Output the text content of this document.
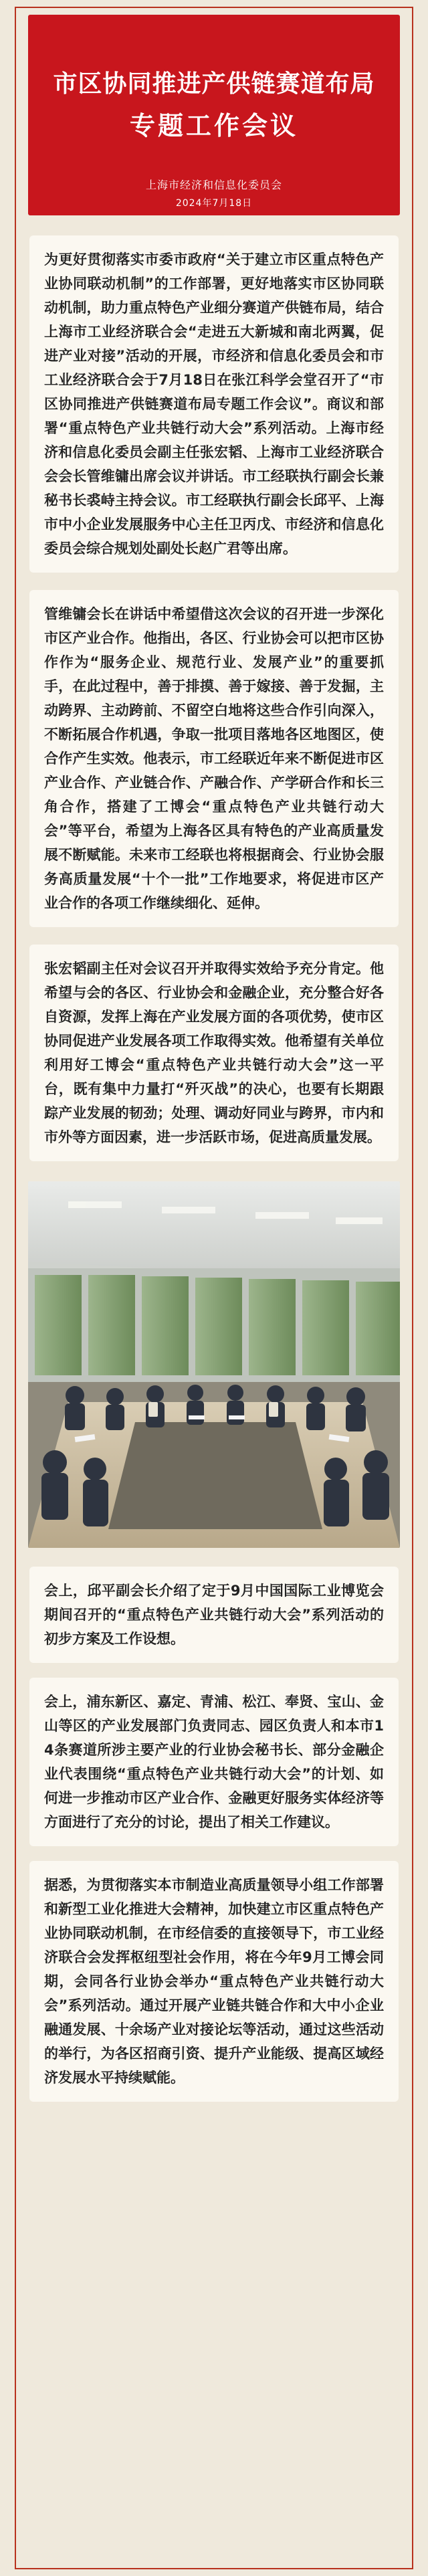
市区协同推进产供链赛道布局
专题工作会议
上海市经济和信息化委员会
2024年7月18日
为更好贯彻落实市委市政府“关于建立市区重点特色产业协同联动机制”的工作部署，更好地落实市区协同联动机制，助力重点特色产业细分赛道产供链布局，结合上海市工业经济联合会“走进五大新城和南北两翼，促进产业对接”活动的开展，市经济和信息化委员会和市工业经济联合会于7月18日在张江科学会堂召开了“市区协同推进产供链赛道布局专题工作会议”。商议和部署“重点特色产业共链行动大会”系列活动。上海市经济和信息化委员会副主任张宏韬、上海市工业经济联合会会长管维镛出席会议并讲话。市工经联执行副会长兼秘书长裘峙主持会议。市工经联执行副会长邱平、上海市中小企业发展服务中心主任卫丙戊、市经济和信息化委员会综合规划处副处长赵广君等出席。
管维镛会长在讲话中希望借这次会议的召开进一步深化市区产业合作。他指出，各区、行业协会可以把市区协作作为“服务企业、规范行业、发展产业”的重要抓手，在此过程中，善于排摸、善于嫁接、善于发掘，主动跨界、主动跨前、不留空白地将这些合作引向深入，不断拓展合作机遇，争取一批项目落地各区地图区，使合作产生实效。他表示，市工经联近年来不断促进市区产业合作、产业链合作、产融合作、产学研合作和长三角合作，搭建了工博会“重点特色产业共链行动大会”等平台，希望为上海各区具有特色的产业高质量发展不断赋能。未来市工经联也将根据商会、行业协会服务高质量发展“十个一批”工作地要求，将促进市区产业合作的各项工作继续细化、延伸。
张宏韬副主任对会议召开并取得实效给予充分肯定。他希望与会的各区、行业协会和金融企业，充分整合好各自资源，发挥上海在产业发展方面的各项优势，使市区协同促进产业发展各项工作取得实效。他希望有关单位利用好工博会“重点特色产业共链行动大会”这一平台，既有集中力量打“歼灭战”的决心，也要有长期跟踪产业发展的韧劲；处理、调动好同业与跨界，市内和市外等方面因素，进一步活跃市场，促进高质量发展。
会上，邱平副会长介绍了定于9月中国国际工业博览会期间召开的“重点特色产业共链行动大会”系列活动的初步方案及工作设想。
会上，浦东新区、嘉定、青浦、松江、奉贤、宝山、金山等区的产业发展部门负责同志、园区负责人和本市14条赛道所涉主要产业的行业协会秘书长、部分金融企业代表围绕“重点特色产业共链行动大会”的计划、如何进一步推动市区产业合作、金融更好服务实体经济等方面进行了充分的讨论，提出了相关工作建议。
据悉，为贯彻落实本市制造业高质量领导小组工作部署和新型工业化推进大会精神，加快建立市区重点特色产业协同联动机制，在市经信委的直接领导下，市工业经济联合会发挥枢纽型社会作用，将在今年9月工博会同期，会同各行业协会举办“重点特色产业共链行动大会”系列活动。通过开展产业链共链合作和大中小企业融通发展、十余场产业对接论坛等活动，通过这些活动的举行，为各区招商引资、提升产业能级、提高区域经济发展水平持续赋能。
